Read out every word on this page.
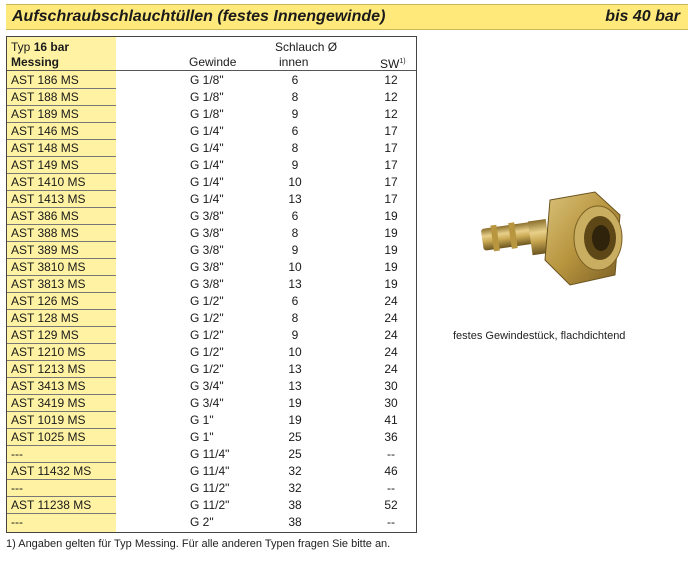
Aufschraubschlauchtüllen (festes Innengewinde)	bis 40 bar
Typ 16 bar
Messing	Gewinde
Schlauch Ø
innen	SW$^{1)}$
AST 186 MS	G 1/8"	6	12
AST 188 MS	G 1/8"	8	12
AST 189 MS	G 1/8"	9	12
AST 146 MS	G 1/4"	6	17
AST 148 MS	G 1/4"	8	17
AST 149 MS	G 1/4"	9	17
AST 1410 MS	G 1/4"	10	17
AST 1413 MS	G 1/4"	13	17
AST 386 MS	G 3/8"	6	19
AST 388 MS	G 3/8"	8	19
AST 389 MS	G 3/8"	9	19
AST 3810 MS	G 3/8"	10	19
AST 3813 MS	G 3/8"	13	19
AST 126 MS	G 1/2"	6	24
AST 128 MS	G 1/2"	8	24
AST 129 MS	G 1/2"	9	24
AST 1210 MS	G 1/2"	10	24
AST 1213 MS	G 1/2"	13	24
AST 3413 MS	G 3/4"	13	30
AST 3419 MS	G 3/4"	19	30
AST 1019 MS	G 1"	19	41
AST 1025 MS	G 1"	25	36
---	G 11/4"	25	--
AST 11432 MS	G 11/4"	32	46
---	G 11/2"	32	--
AST 11238 MS	G 11/2"	38	52
---	G 2"	38	--
festes Gewindestück, flachdichtend
1) Angaben gelten für Typ Messing. Für alle anderen Typen fragen Sie bitte an.
